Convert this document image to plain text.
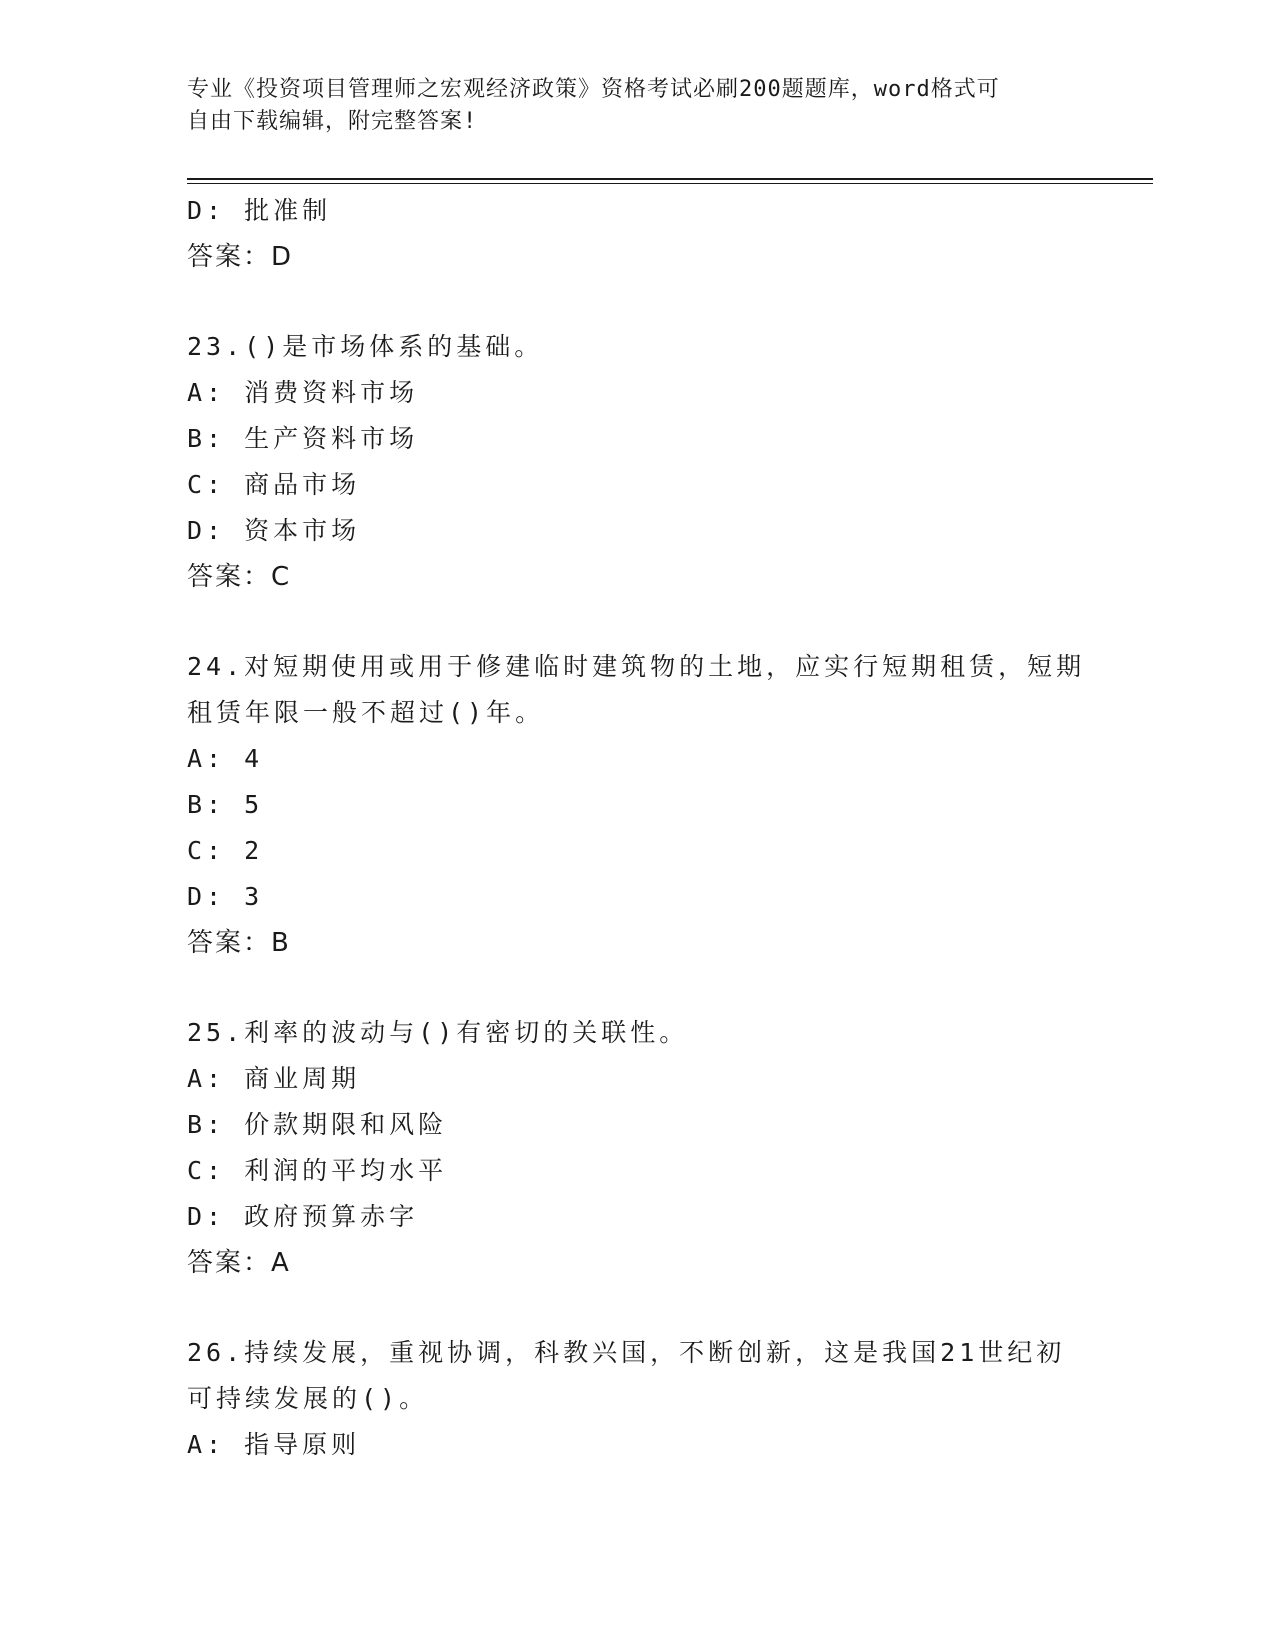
专业《投资项目管理师之宏观经济政策》资格考试必刷200题题库，word格式可
自由下载编辑，附完整答案!
D: 批准制
答案：D
23.()是市场体系的基础。
A: 消费资料市场
B: 生产资料市场
C: 商品市场
D: 资本市场
答案：C
24.对短期使用或用于修建临时建筑物的土地，应实行短期租赁，短期
租赁年限一般不超过()年。
A: 4
B: 5
C: 2
D: 3
答案：B
25.利率的波动与()有密切的关联性。
A: 商业周期
B: 价款期限和风险
C: 利润的平均水平
D: 政府预算赤字
答案：A
26.持续发展，重视协调，科教兴国，不断创新，这是我国21世纪初
可持续发展的()。
A: 指导原则
